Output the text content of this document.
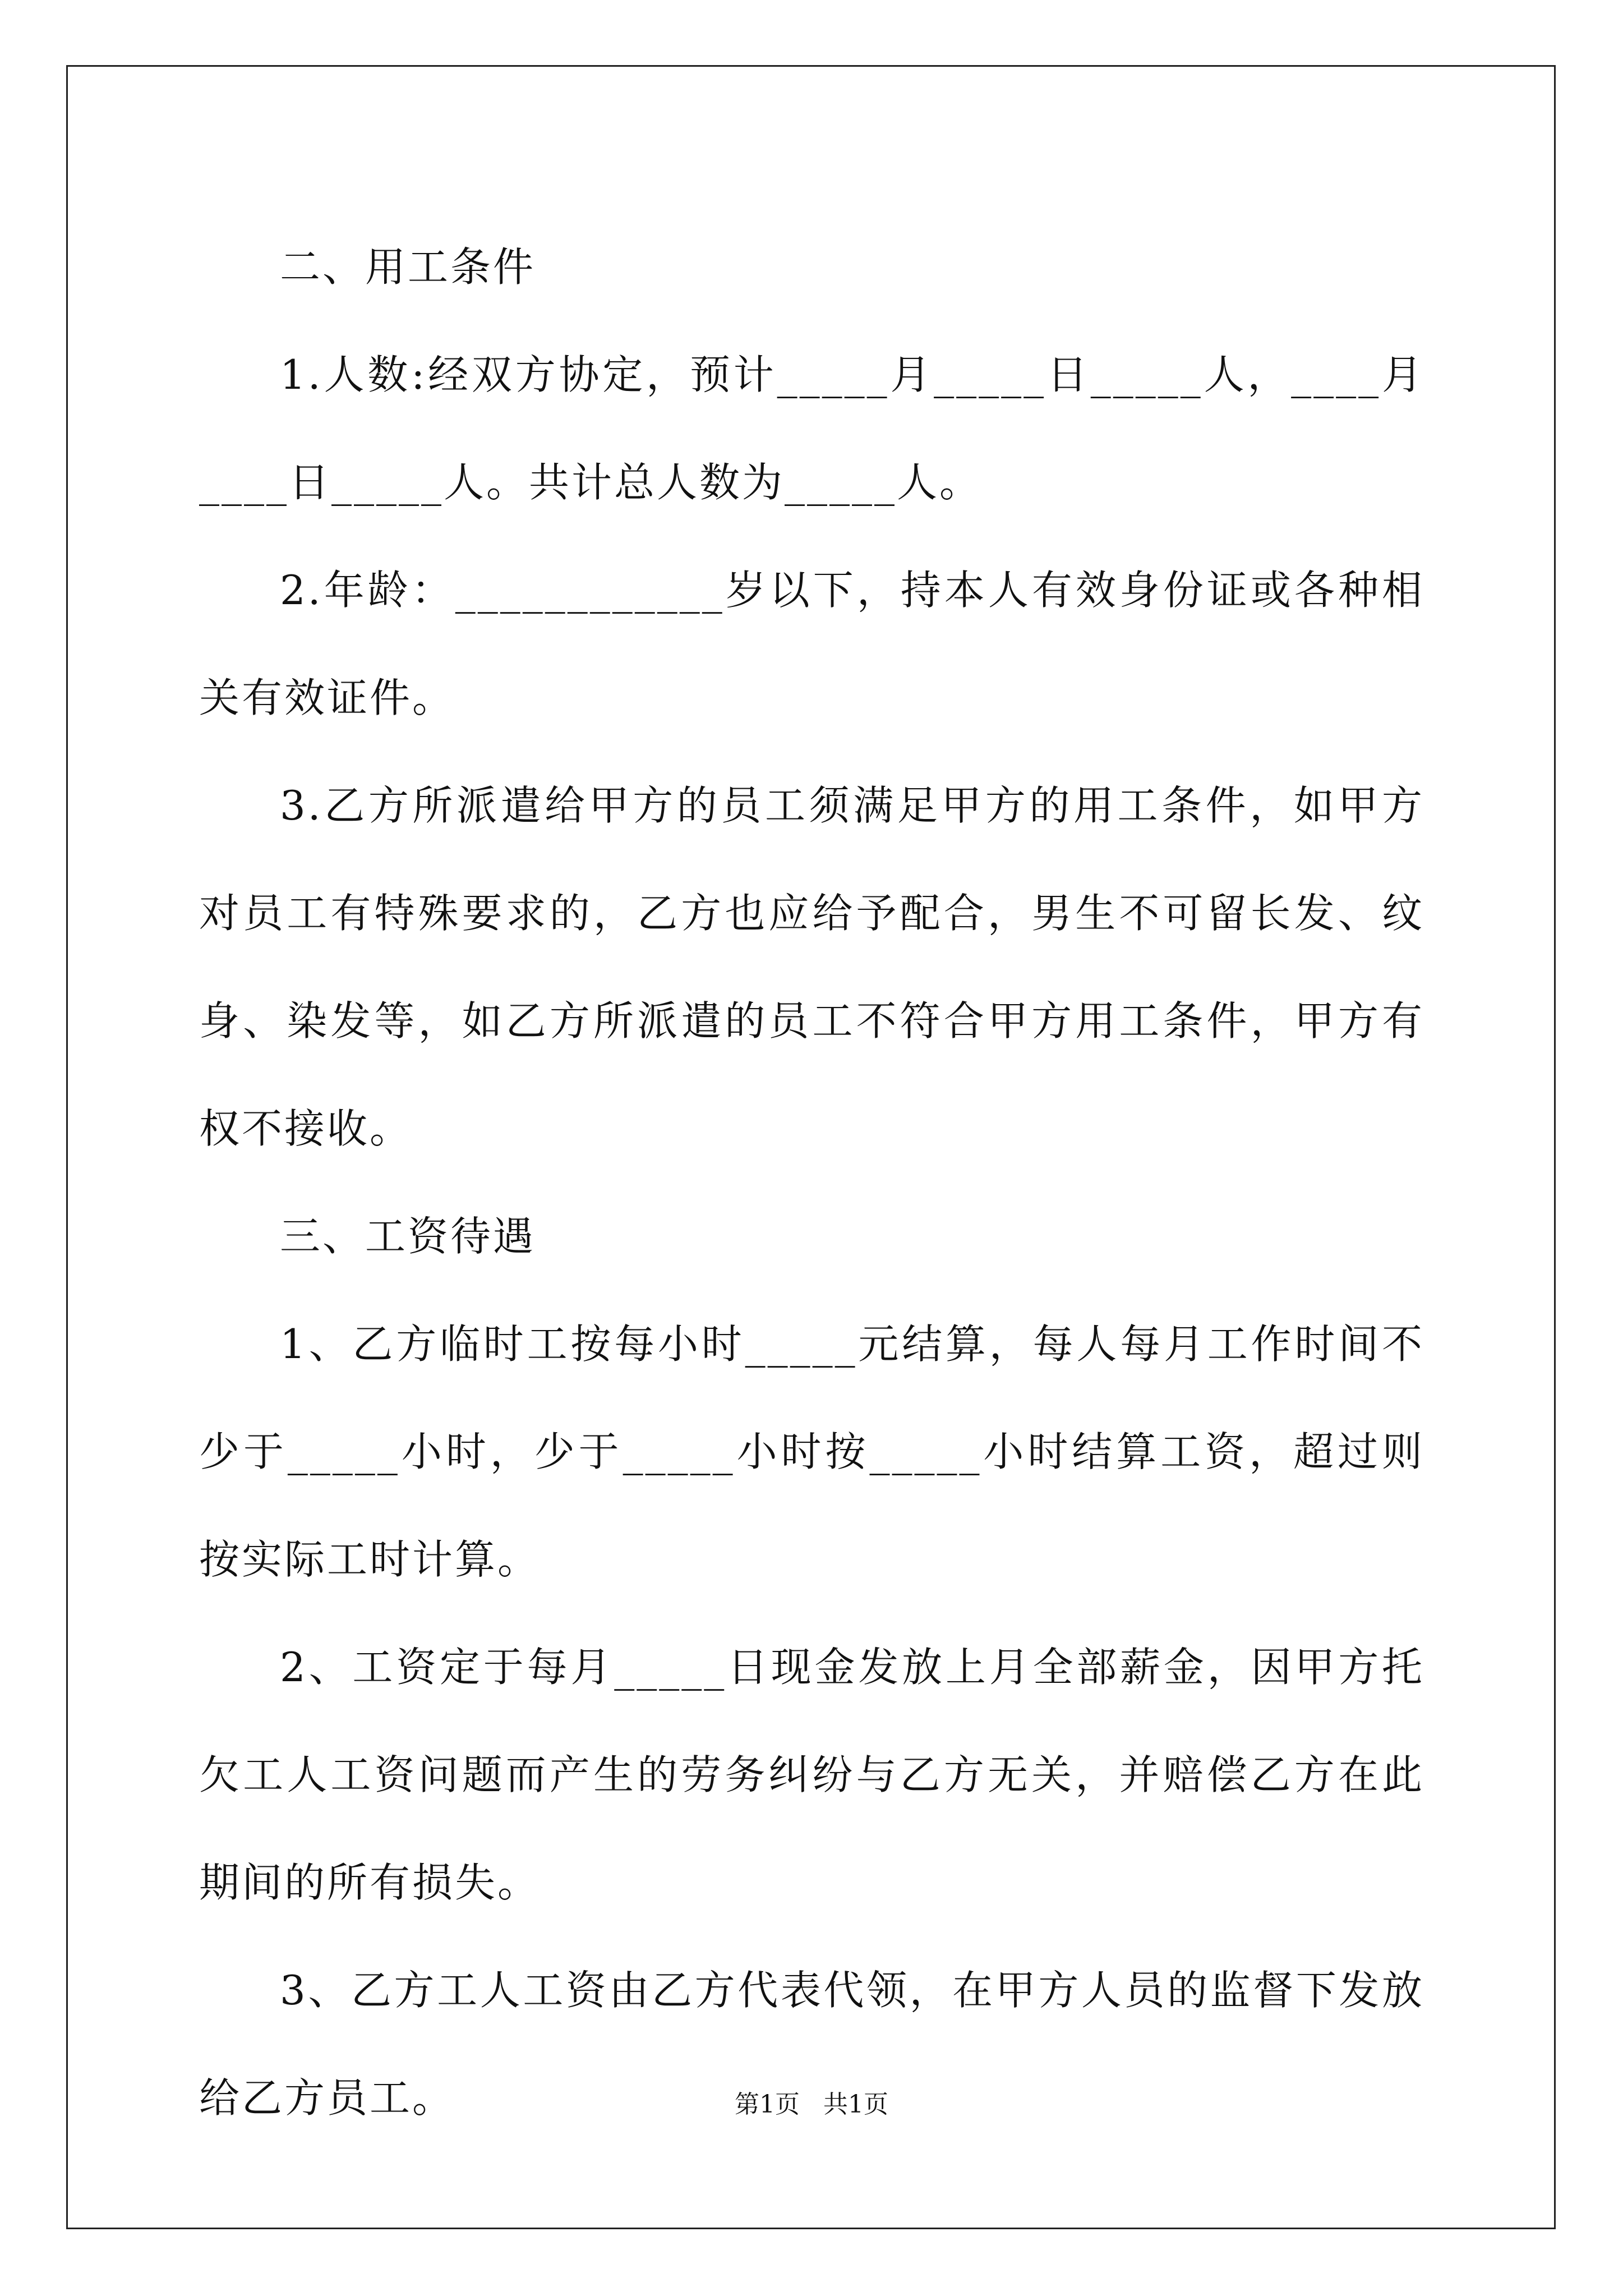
二、用工条件

1.人数:经双方协定，预计_____月_____日_____人，____月____日_____人。共计总人数为_____人。

2.年龄：____________岁以下，持本人有效身份证或各种相关有效证件。

3.乙方所派遣给甲方的员工须满足甲方的用工条件，如甲方对员工有特殊要求的，乙方也应给予配合，男生不可留长发、纹身、染发等，如乙方所派遣的员工不符合甲方用工条件，甲方有权不接收。

三、工资待遇

1、乙方临时工按每小时_____元结算，每人每月工作时间不少于_____小时，少于_____小时按_____小时结算工资，超过则按实际工时计算。

2、工资定于每月_____日现金发放上月全部薪金，因甲方托欠工人工资问题而产生的劳务纠纷与乙方无关，并赔偿乙方在此期间的所有损失。

3、乙方工人工资由乙方代表代领，在甲方人员的监督下发放给乙方员工。	第1页   共1页
